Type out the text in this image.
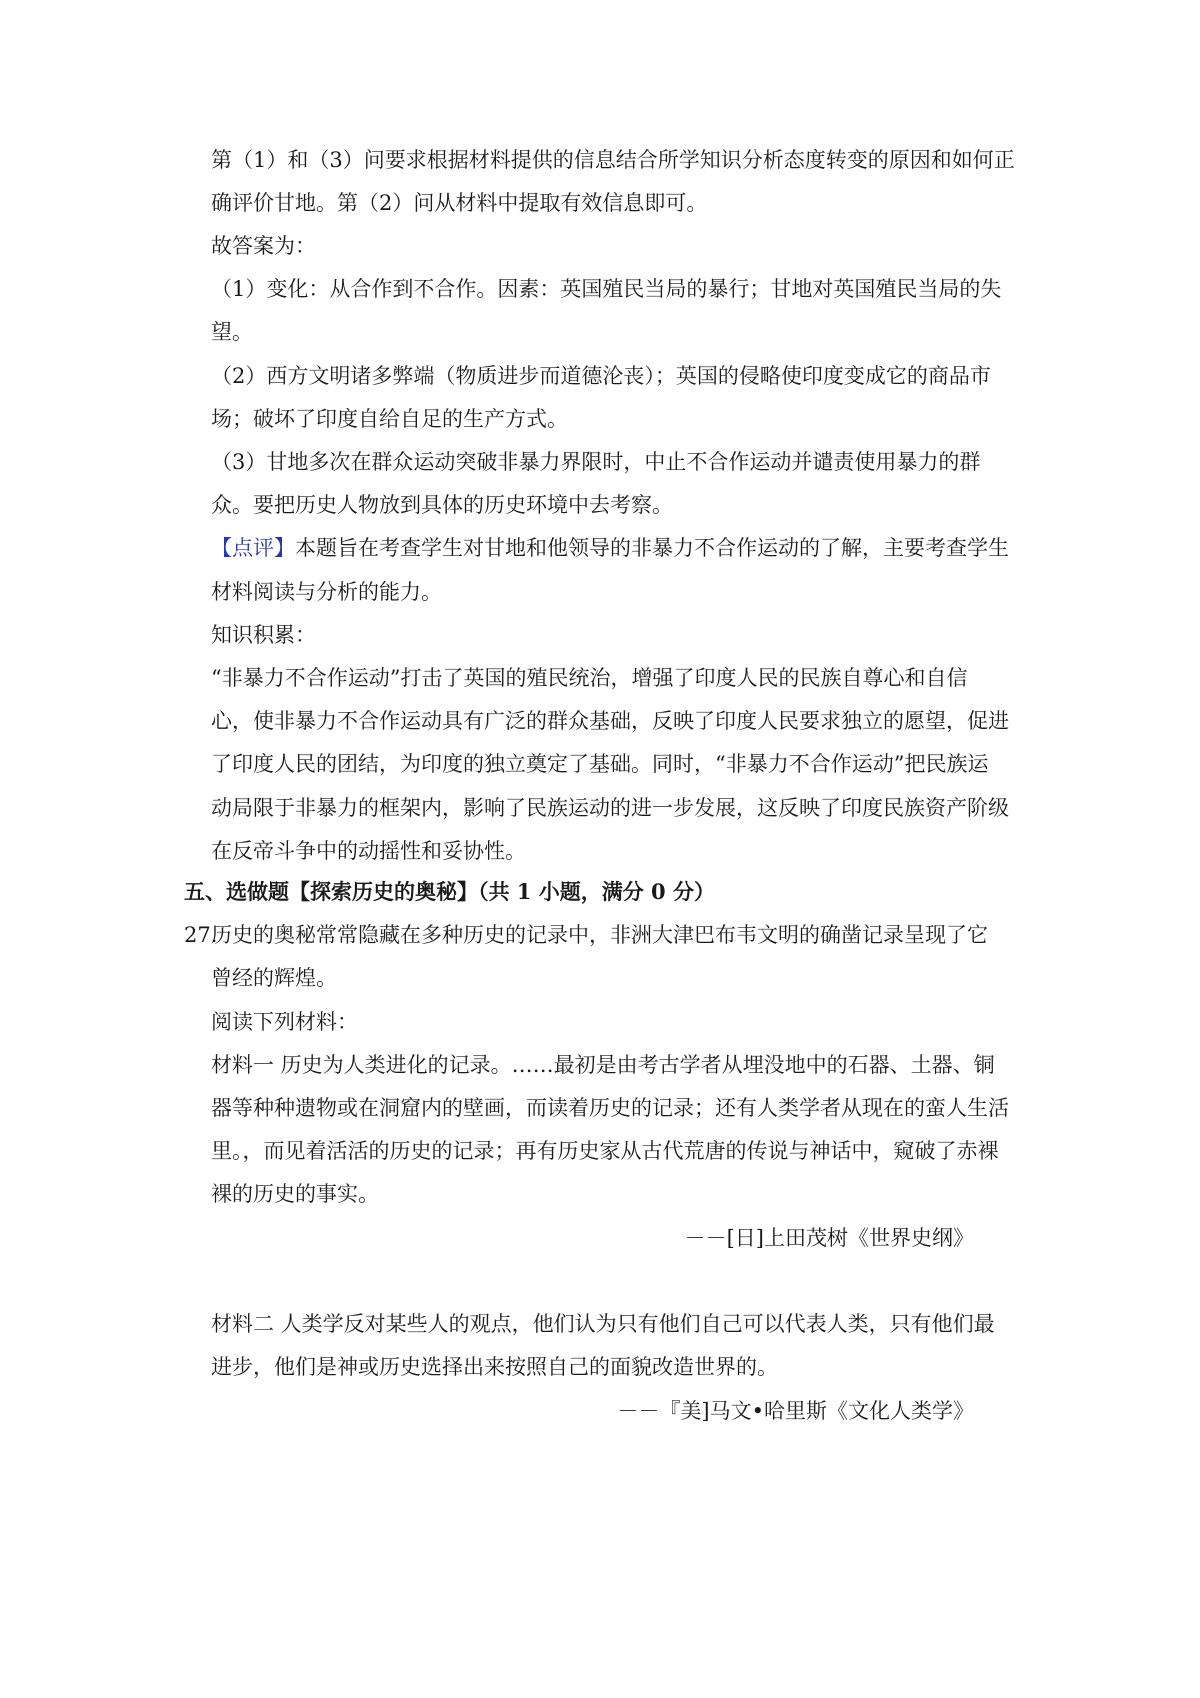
第（1）和（3）问要求根据材料提供的信息结合所学知识分析态度转变的原因和如何正
确评价甘地。第（2）问从材料中提取有效信息即可。
故答案为：
（1）变化：从合作到不合作。因素：英国殖民当局的暴行；甘地对英国殖民当局的失
望。
（2）西方文明诸多弊端（物质进步而道德沦丧）；英国的侵略使印度变成它的商品市
场；破坏了印度自给自足的生产方式。
（3）甘地多次在群众运动突破非暴力界限时，中止不合作运动并谴责使用暴力的群
众。要把历史人物放到具体的历史环境中去考察。
【点评】本题旨在考查学生对甘地和他领导的非暴力不合作运动的了解，主要考查学生
材料阅读与分析的能力。
知识积累：
“非暴力不合作运动”打击了英国的殖民统治，增强了印度人民的民族自尊心和自信
心，使非暴力不合作运动具有广泛的群众基础，反映了印度人民要求独立的愿望，促进
了印度人民的团结，为印度的独立奠定了基础。同时，“非暴力不合作运动”把民族运
动局限于非暴力的框架内，影响了民族运动的进一步发展，这反映了印度民族资产阶级
在反帝斗争中的动摇性和妥协性。
五、选做题【探索历史的奥秘】（共 1 小题，满分 0 分）
27.
历史的奥秘常常隐藏在多种历史的记录中，非洲大津巴布韦文明的确凿记录呈现了它
曾经的辉煌。
阅读下列材料：
材料一 历史为人类进化的记录。……最初是由考古学者从埋没地中的石器、土器、铜
器等种种遗物或在洞窟内的壁画，而读着历史的记录；还有人类学者从现在的蛮人生活
里。，而见着活活的历史的记录；再有历史家从古代荒唐的传说与神话中，窥破了赤裸
裸的历史的事实。
－－[日]上田茂树《世界史纲》
材料二 人类学反对某些人的观点，他们认为只有他们自己可以代表人类，只有他们最
进步，他们是神或历史选择出来按照自己的面貌改造世界的。
－－『美]马文•哈里斯《文化人类学》
